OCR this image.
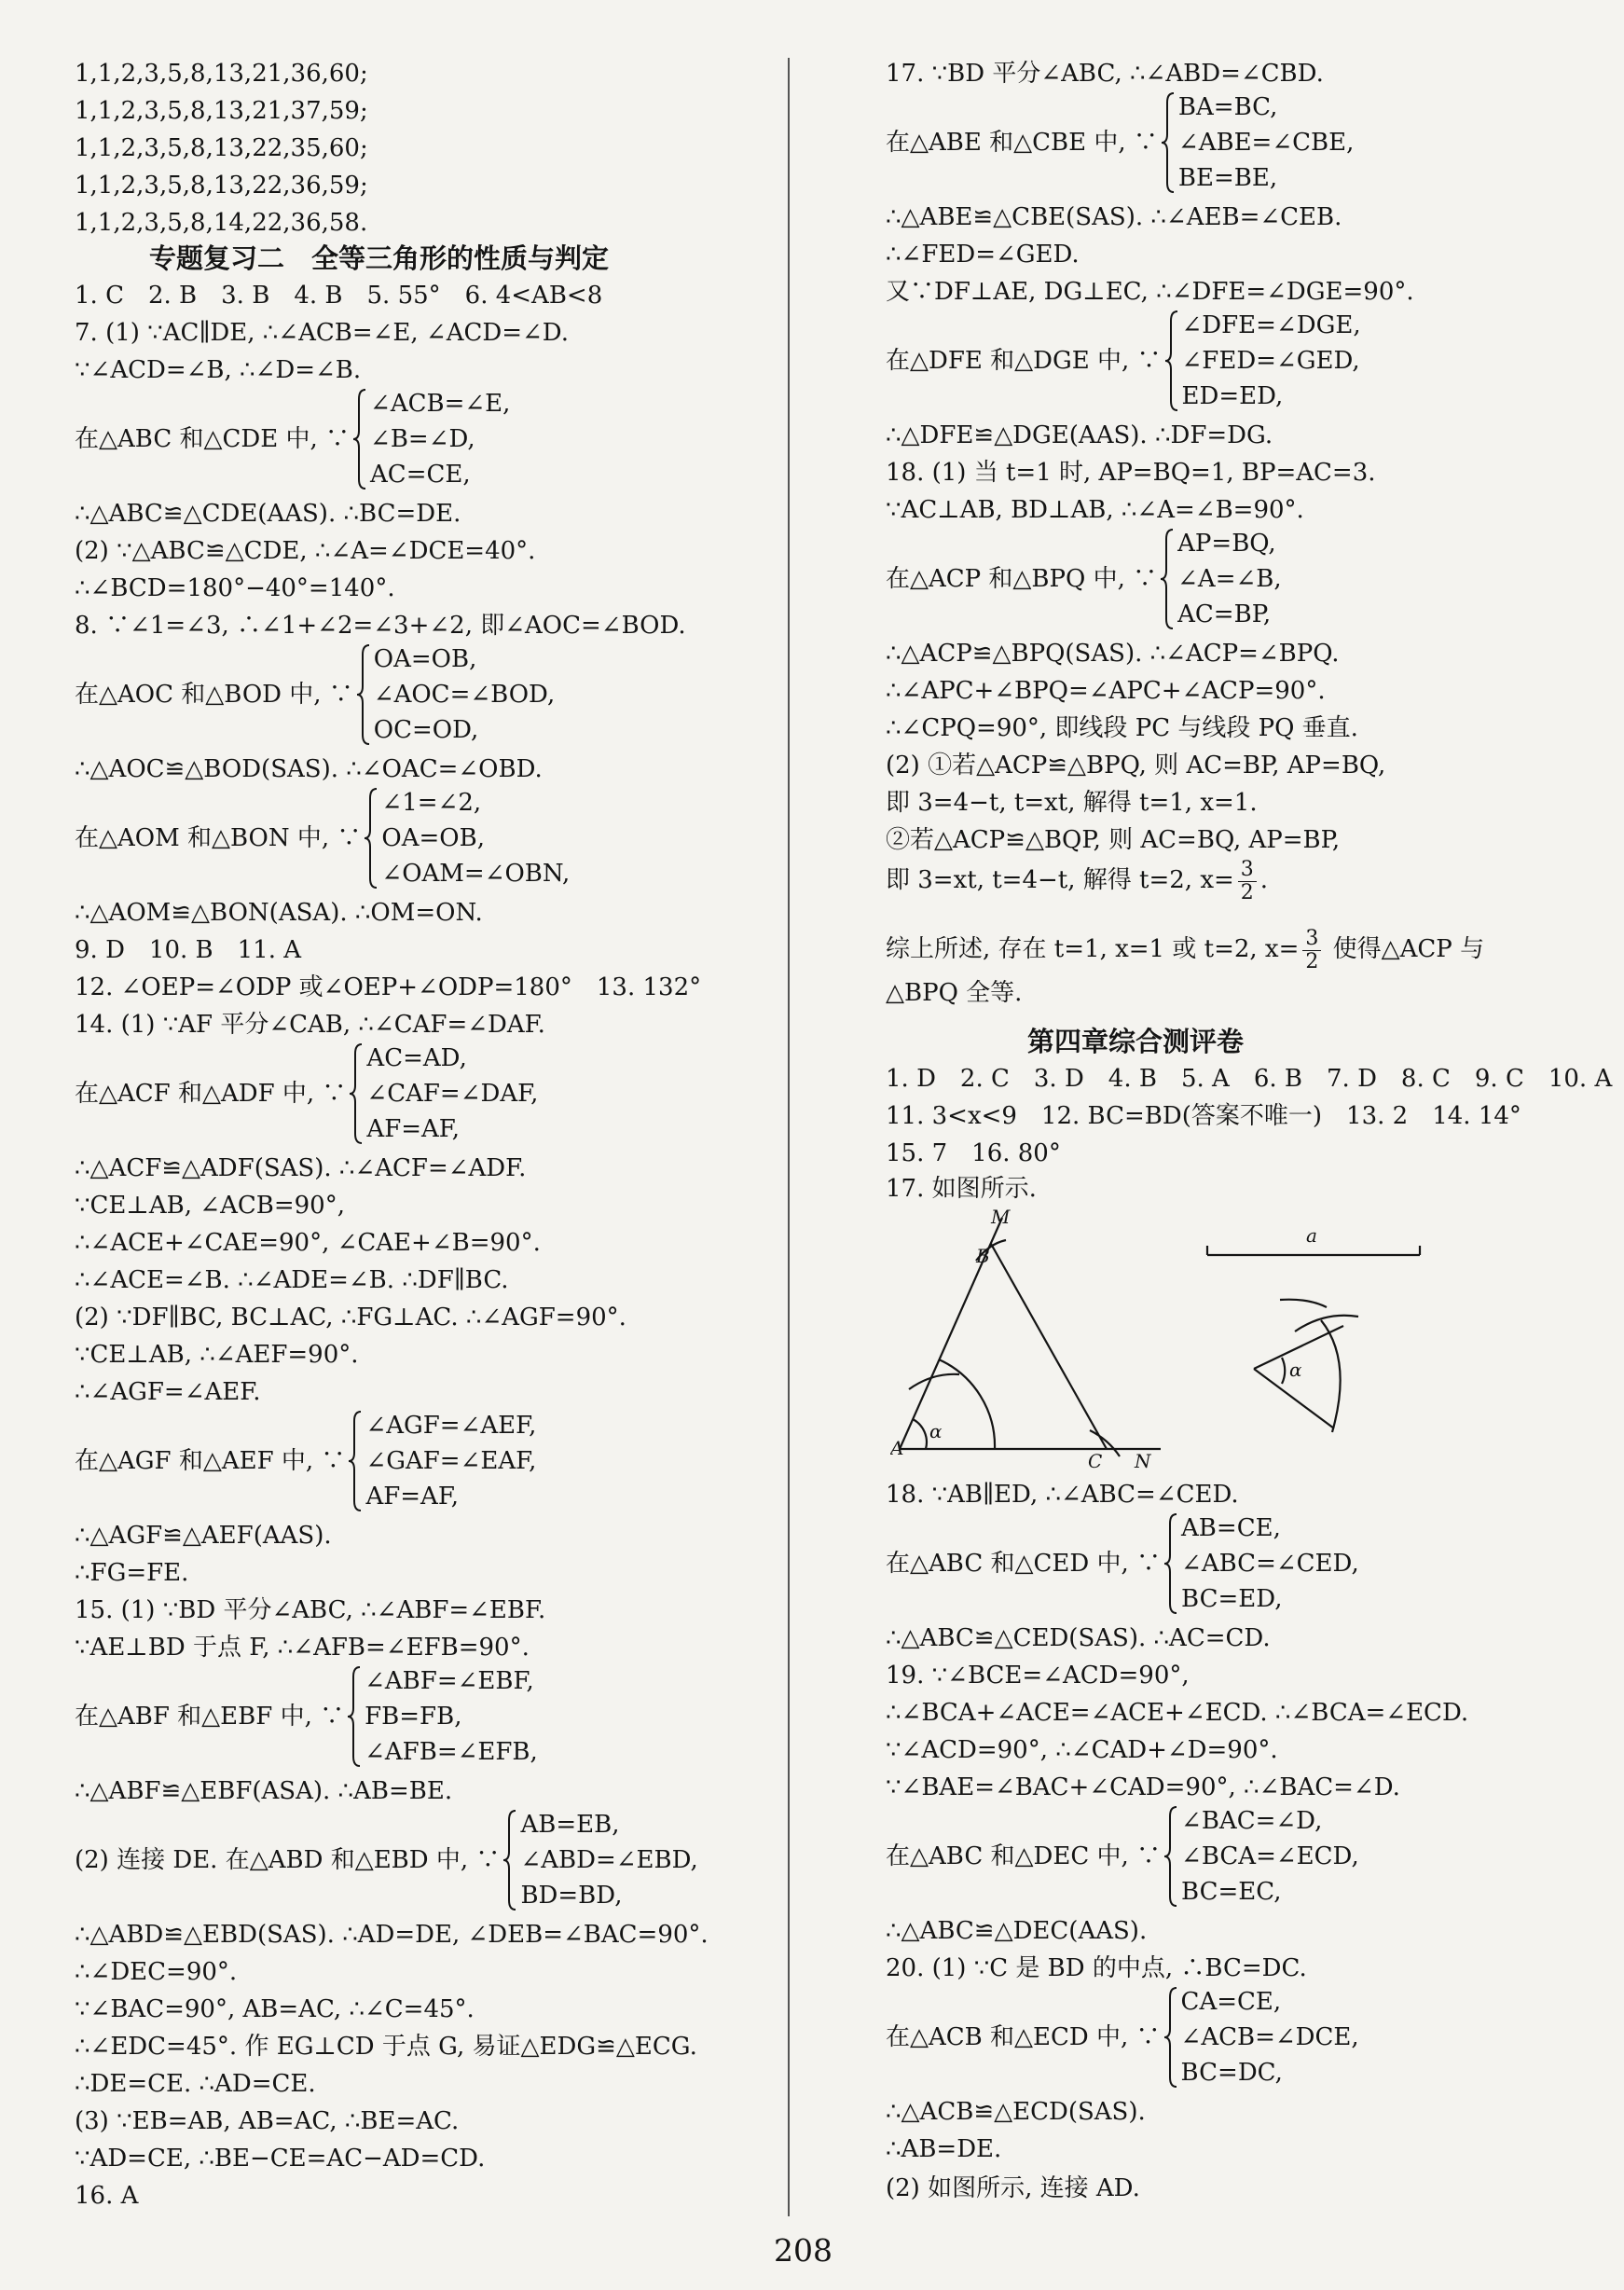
1,1,2,3,5,8,13,21,36,60;
1,1,2,3,5,8,13,21,37,59;
1,1,2,3,5,8,13,22,35,60;
1,1,2,3,5,8,13,22,36,59;
1,1,2,3,5,8,14,22,36,58.
专题复习二　全等三角形的性质与判定
1. C　2. B　3. B　4. B　5. 55°　6. 4<AB<8
7. (1) ∵AC∥DE, ∴∠ACB=∠E, ∠ACD=∠D.
∵∠ACD=∠B, ∴∠D=∠B.
在△ABC 和△CDE 中, ∵
∠ACB=∠E,
∠B=∠D,
AC=CE,
∴△ABC≌△CDE(AAS). ∴BC=DE.
(2) ∵△ABC≌△CDE, ∴∠A=∠DCE=40°.
∴∠BCD=180°−40°=140°.
8. ∵∠1=∠3, ∴∠1+∠2=∠3+∠2, 即∠AOC=∠BOD.
在△AOC 和△BOD 中, ∵
OA=OB,
∠AOC=∠BOD,
OC=OD,
∴△AOC≌△BOD(SAS). ∴∠OAC=∠OBD.
在△AOM 和△BON 中, ∵
∠1=∠2,
OA=OB,
∠OAM=∠OBN,
∴△AOM≌△BON(ASA). ∴OM=ON.
9. D　10. B　11. A
12. ∠OEP=∠ODP 或∠OEP+∠ODP=180°　13. 132°
14. (1) ∵AF 平分∠CAB, ∴∠CAF=∠DAF.
在△ACF 和△ADF 中, ∵
AC=AD,
∠CAF=∠DAF,
AF=AF,
∴△ACF≌△ADF(SAS). ∴∠ACF=∠ADF.
∵CE⊥AB, ∠ACB=90°,
∴∠ACE+∠CAE=90°, ∠CAE+∠B=90°.
∴∠ACE=∠B. ∴∠ADE=∠B. ∴DF∥BC.
(2) ∵DF∥BC, BC⊥AC, ∴FG⊥AC. ∴∠AGF=90°.
∵CE⊥AB, ∴∠AEF=90°.
∴∠AGF=∠AEF.
在△AGF 和△AEF 中, ∵
∠AGF=∠AEF,
∠GAF=∠EAF,
AF=AF,
∴△AGF≌△AEF(AAS).
∴FG=FE.
15. (1) ∵BD 平分∠ABC, ∴∠ABF=∠EBF.
∵AE⊥BD 于点 F, ∴∠AFB=∠EFB=90°.
在△ABF 和△EBF 中, ∵
∠ABF=∠EBF,
FB=FB,
∠AFB=∠EFB,
∴△ABF≌△EBF(ASA). ∴AB=BE.
(2) 连接 DE. 在△ABD 和△EBD 中, ∵
AB=EB,
∠ABD=∠EBD,
BD=BD,
∴△ABD≌△EBD(SAS). ∴AD=DE, ∠DEB=∠BAC=90°.
∴∠DEC=90°.
∵∠BAC=90°, AB=AC, ∴∠C=45°.
∴∠EDC=45°. 作 EG⊥CD 于点 G, 易证△EDG≌△ECG.
∴DE=CE. ∴AD=CE.
(3) ∵EB=AB, AB=AC, ∴BE=AC.
∵AD=CE, ∴BE−CE=AC−AD=CD.
16. A
17. ∵BD 平分∠ABC, ∴∠ABD=∠CBD.
在△ABE 和△CBE 中, ∵
BA=BC,
∠ABE=∠CBE,
BE=BE,
∴△ABE≌△CBE(SAS). ∴∠AEB=∠CEB.
∴∠FED=∠GED.
又∵DF⊥AE, DG⊥EC, ∴∠DFE=∠DGE=90°.
在△DFE 和△DGE 中, ∵
∠DFE=∠DGE,
∠FED=∠GED,
ED=ED,
∴△DFE≌△DGE(AAS). ∴DF=DG.
18. (1) 当 t=1 时, AP=BQ=1, BP=AC=3.
∵AC⊥AB, BD⊥AB, ∴∠A=∠B=90°.
在△ACP 和△BPQ 中, ∵
AP=BQ,
∠A=∠B,
AC=BP,
∴△ACP≌△BPQ(SAS). ∴∠ACP=∠BPQ.
∴∠APC+∠BPQ=∠APC+∠ACP=90°.
∴∠CPQ=90°, 即线段 PC 与线段 PQ 垂直.
(2) ①若△ACP≌△BPQ, 则 AC=BP, AP=BQ,
即 3=4−t, t=xt, 解得 t=1, x=1.
②若△ACP≌△BQP, 则 AC=BQ, AP=BP,
即 3=xt, t=4−t, 解得 t=2, $x= \frac{3}{2}$ .
综上所述, 存在 t=1, x=1 或 t=2, $x= \frac{3}{2}$ 使得△ACP 与
△BPQ 全等.
第四章综合测评卷
1. D　2. C　3. D　4. B　5. A　6. B　7. D　8. C　9. C　10. A
11. 3<x<9　12. BC=BD(答案不唯一)　13. 2　14. 14°
15. 7　16. 80°
17. 如图所示.
18. ∵AB∥ED, ∴∠ABC=∠CED.
在△ABC 和△CED 中, ∵
AB=CE,
∠ABC=∠CED,
BC=ED,
∴△ABC≌△CED(SAS). ∴AC=CD.
19. ∵∠BCE=∠ACD=90°,
∴∠BCA+∠ACE=∠ACE+∠ECD. ∴∠BCA=∠ECD.
∵∠ACD=90°, ∴∠CAD+∠D=90°.
∵∠BAE=∠BAC+∠CAD=90°, ∴∠BAC=∠D.
在△ABC 和△DEC 中, ∵
∠BAC=∠D,
∠BCA=∠ECD,
BC=EC,
∴△ABC≌△DEC(AAS).
20. (1) ∵C 是 BD 的中点, ∴BC=DC.
在△ACB 和△ECD 中, ∵
CA=CE,
∠ACB=∠DCE,
BC=DC,
∴△ACB≌△ECD(SAS).
∴AB=DE.
(2) 如图所示, 连接 AD.
M
B
A
C N
α
a
α
208
